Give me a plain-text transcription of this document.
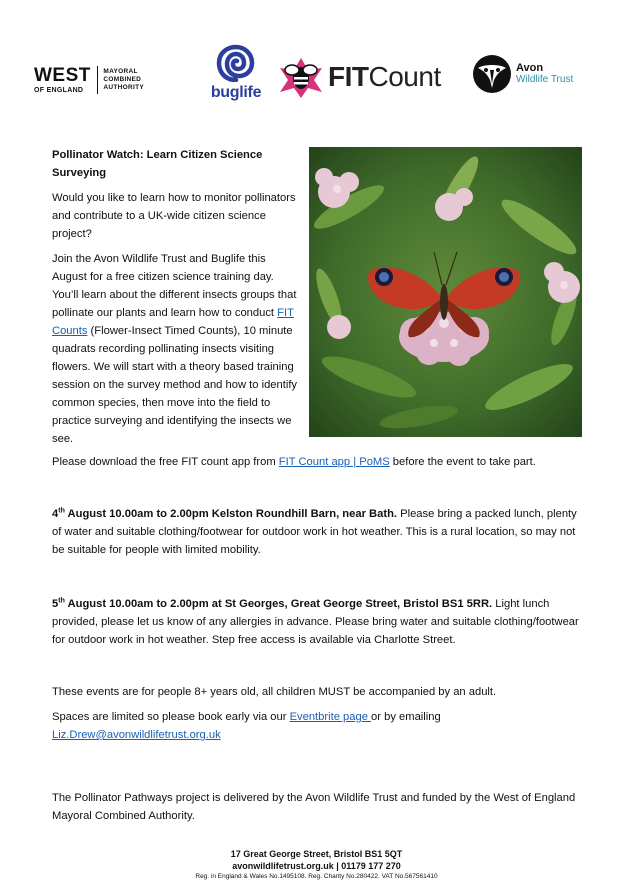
WEST
OF ENGLAND
MAYORAL
COMBINED
AUTHORITY	buglife
FITCount	Avon
Wildlife Trust

Pollinator Watch: Learn Citizen Science Surveying

Would you like to learn how to monitor pollinators and contribute to a UK-wide citizen science project?

Join the Avon Wildlife Trust and Buglife this August for a free citizen science training day. You’ll learn about the different insects groups that pollinate our plants and learn how to conduct FIT Counts (Flower-Insect Timed Counts), 10 minute quadrats recording pollinating insects visiting flowers. We will start with a theory based training session on the survey method and how to identify common species, then move into the field to practice surveying and identifying the insects we see.

Please download the free FIT count app from FIT Count app | PoMS before the event to take part.

4th August 10.00am to 2.00pm Kelston Roundhill Barn, near Bath. Please bring a packed lunch, plenty of water and suitable clothing/footwear for outdoor work in hot weather. This is a rural location, so may not be suitable for people with limited mobility.

5th August 10.00am to 2.00pm at St Georges, Great George Street, Bristol BS1 5RR. Light lunch provided, please let us know of any allergies in advance. Please bring water and suitable clothing/footwear for outdoor work in hot weather. Step free access is available via Charlotte Street.

These events are for people 8+ years old, all children MUST be accompanied by an adult.

Spaces are limited so please book early via our Eventbrite page or by emailing
Liz.Drew@avonwildlifetrust.org.uk

The Pollinator Pathways project is delivered by the Avon Wildlife Trust and funded by the West of England Mayoral Combined Authority.

17 Great George Street, Bristol BS1 5QT
avonwildlifetrust.org.uk | 01179 177 270
Reg. in England & Wales No.1495108. Reg. Charity No.280422. VAT No.567561410
